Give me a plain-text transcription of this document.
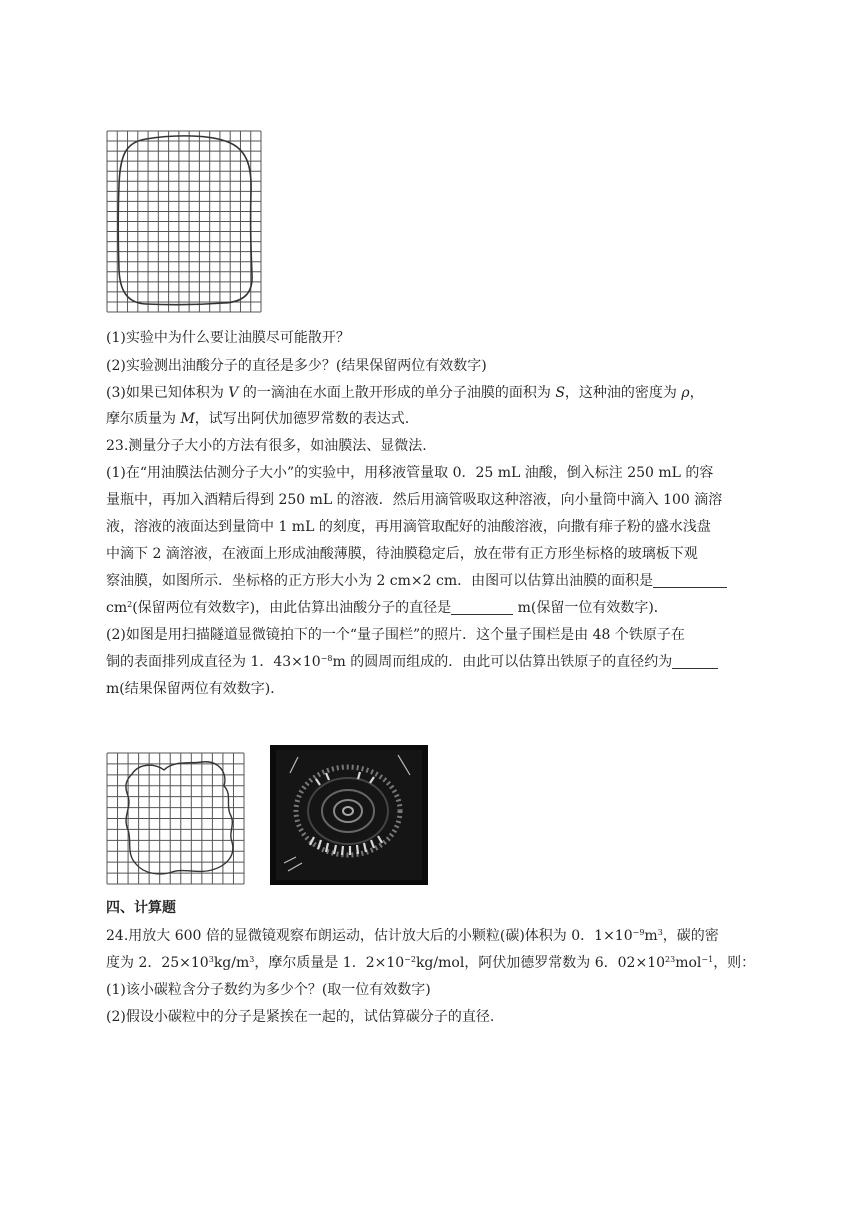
(1)实验中为什么要让油膜尽可能散开？
(2)实验测出油酸分子的直径是多少？(结果保留两位有效数字)
(3)如果已知体积为 V 的一滴油在水面上散开形成的单分子油膜的面积为 S，这种油的密度为 ρ，
摩尔质量为 M，试写出阿伏加德罗常数的表达式.
23.测量分子大小的方法有很多，如油膜法、显微法.
(1)在“用油膜法估测分子大小”的实验中，用移液管量取 0．25 mL 油酸，倒入标注 250 mL 的容
量瓶中，再加入酒精后得到 250 mL 的溶液．然后用滴管吸取这种溶液，向小量筒中滴入 100 滴溶
液，溶液的液面达到量筒中 1 mL 的刻度，再用滴管取配好的油酸溶液，向撒有痱子粉的盛水浅盘
中滴下 2 滴溶液，在液面上形成油酸薄膜，待油膜稳定后，放在带有正方形坐标格的玻璃板下观
察油膜，如图所示．坐标格的正方形大小为 2 cm×2 cm．由图可以估算出油膜的面积是
$cm^2$(保留两位有效数字)，由此估算出油酸分子的直径是	m(保留一位有效数字)．
(2)如图是用扫描隧道显微镜拍下的一个“量子围栏”的照片．这个量子围栏是由 48 个铁原子在
铜的表面排列成直径为 1．$43\times 10^{-8}m$ 的圆周而组成的．由此可以估算出铁原子的直径约为
m(结果保留两位有效数字)．
四、计算题
24.用放大 600 倍的显微镜观察布朗运动，估计放大后的小颗粒(碳)体积为 0．$1\times 10^{-9}m^3$，碳的密
度为 2．$25\times 10^3kg/m^3$，摩尔质量是 1．$2\times 10^{-2}kg$/mol，阿伏加德罗常数为 6．$02\times 10^{23}mol^{-1}$，则：
(1)该小碳粒含分子数约为多少个？(取一位有效数字)
(2)假设小碳粒中的分子是紧挨在一起的，试估算碳分子的直径.
